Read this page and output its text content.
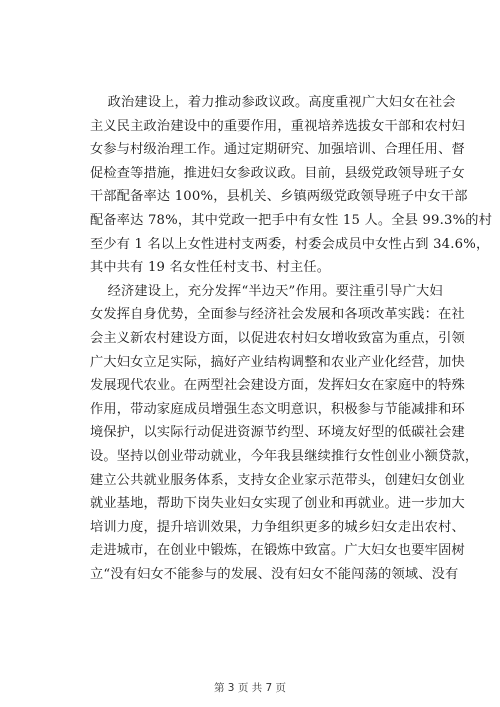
政治建设上，着力推动参政议政。高度重视广大妇女在社会
主义民主政治建设中的重要作用，重视培养选拔女干部和农村妇
女参与村级治理工作。通过定期研究、加强培训、合理任用、督
促检查等措施，推进妇女参政议政。目前，县级党政领导班子女
干部配备率达 100%，县机关、乡镇两级党政领导班子中女干部
配备率达 78%，其中党政一把手中有女性 15 人。全县 99.3%的村
至少有 1 名以上女性进村支两委，村委会成员中女性占到 34.6%，
其中共有 19 名女性任村支书、村主任。
经济建设上，充分发挥“半边天”作用。要注重引导广大妇
女发挥自身优势，全面参与经济社会发展和各项改革实践：在社
会主义新农村建设方面，以促进农村妇女增收致富为重点，引领
广大妇女立足实际，搞好产业结构调整和农业产业化经营，加快
发展现代农业。在两型社会建设方面，发挥妇女在家庭中的特殊
作用，带动家庭成员增强生态文明意识，积极参与节能减排和环
境保护，以实际行动促进资源节约型、环境友好型的低碳社会建
设。坚持以创业带动就业，今年我县继续推行女性创业小额贷款，
建立公共就业服务体系，支持女企业家示范带头，创建妇女创业
就业基地，帮助下岗失业妇女实现了创业和再就业。进一步加大
培训力度，提升培训效果，力争组织更多的城乡妇女走出农村、
走进城市，在创业中锻炼，在锻炼中致富。广大妇女也要牢固树
立“没有妇女不能参与的发展、没有妇女不能闯荡的领域、没有
第 3 页 共 7 页
